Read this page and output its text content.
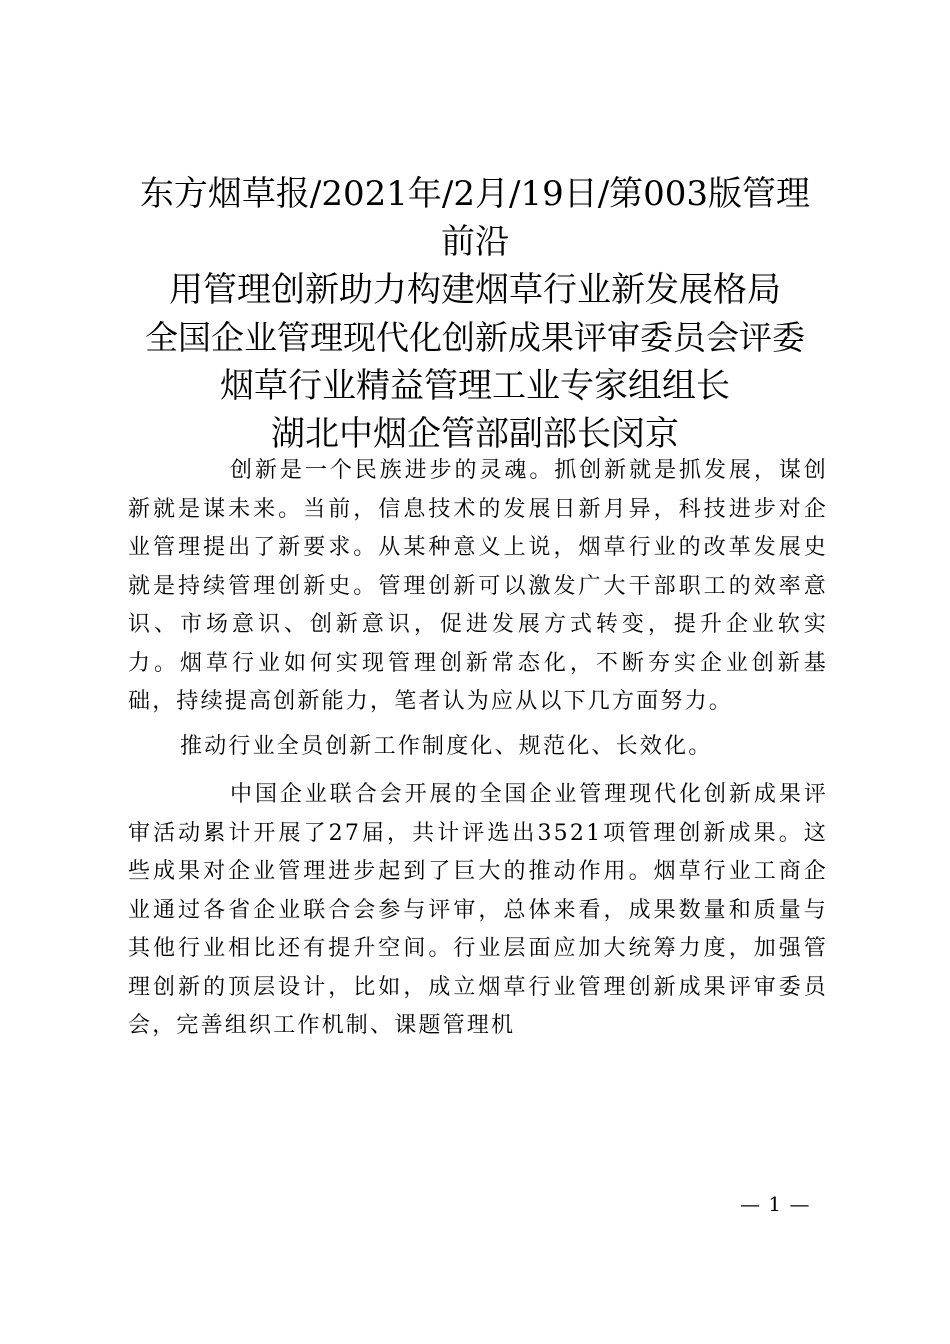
东方烟草报/2021年/2月/19日/第003版管理
前沿
用管理创新助力构建烟草行业新发展格局
全国企业管理现代化创新成果评审委员会评委
烟草行业精益管理工业专家组组长
湖北中烟企管部副部长闵京

创新是一个民族进步的灵魂。抓创新就是抓发展，谋创新就是谋未来。当前，信息技术的发展日新月异，科技进步对企业管理提出了新要求。从某种意义上说，烟草行业的改革发展史就是持续管理创新史。管理创新可以激发广大干部职工的效率意识、市场意识、创新意识，促进发展方式转变，提升企业软实力。烟草行业如何实现管理创新常态化，不断夯实企业创新基础，持续提高创新能力，笔者认为应从以下几方面努力。

推动行业全员创新工作制度化、规范化、长效化。

中国企业联合会开展的全国企业管理现代化创新成果评审活动累计开展了27届，共计评选出3521项管理创新成果。这些成果对企业管理进步起到了巨大的推动作用。烟草行业工商企业通过各省企业联合会参与评审，总体来看，成果数量和质量与其他行业相比还有提升空间。行业层面应加大统筹力度，加强管理创新的顶层设计，比如，成立烟草行业管理创新成果评审委员会，完善组织工作机制、课题管理机

— 1 —
